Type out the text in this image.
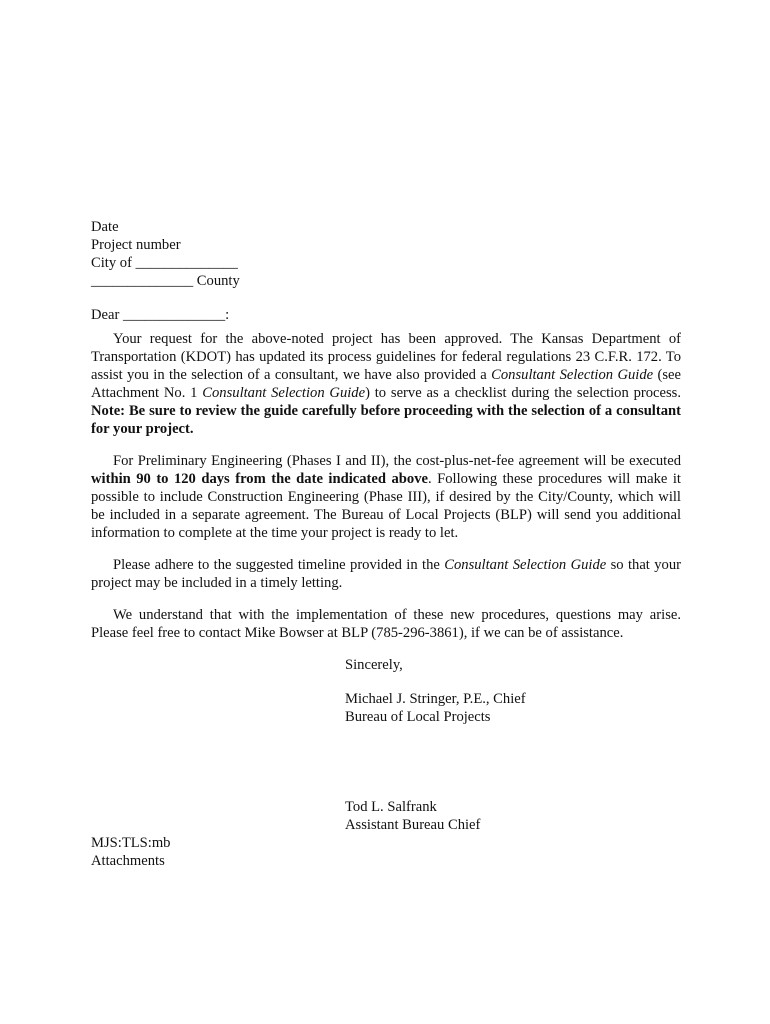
Date
Project number
City of ______________
______________ County
Dear ______________:

Your request for the above-noted project has been approved. The Kansas Department of Transportation (KDOT) has updated its process guidelines for federal regulations 23 C.F.R. 172. To assist you in the selection of a consultant, we have also provided a Consultant Selection Guide (see Attachment No. 1 Consultant Selection Guide) to serve as a checklist during the selection process. Note: Be sure to review the guide carefully before proceeding with the selection of a consultant for your project.

For Preliminary Engineering (Phases I and II), the cost-plus-net-fee agreement will be executed within 90 to 120 days from the date indicated above. Following these procedures will make it possible to include Construction Engineering (Phase III), if desired by the City/County, which will be included in a separate agreement. The Bureau of Local Projects (BLP) will send you additional information to complete at the time your project is ready to let.

Please adhere to the suggested timeline provided in the Consultant Selection Guide so that your project may be included in a timely letting.

We understand that with the implementation of these new procedures, questions may arise. Please feel free to contact Mike Bowser at BLP (785-296-3861), if we can be of assistance.

Sincerely,
Michael J. Stringer, P.E., Chief
Bureau of Local Projects
Tod L. Salfrank
Assistant Bureau Chief
MJS:TLS:mb
Attachments
